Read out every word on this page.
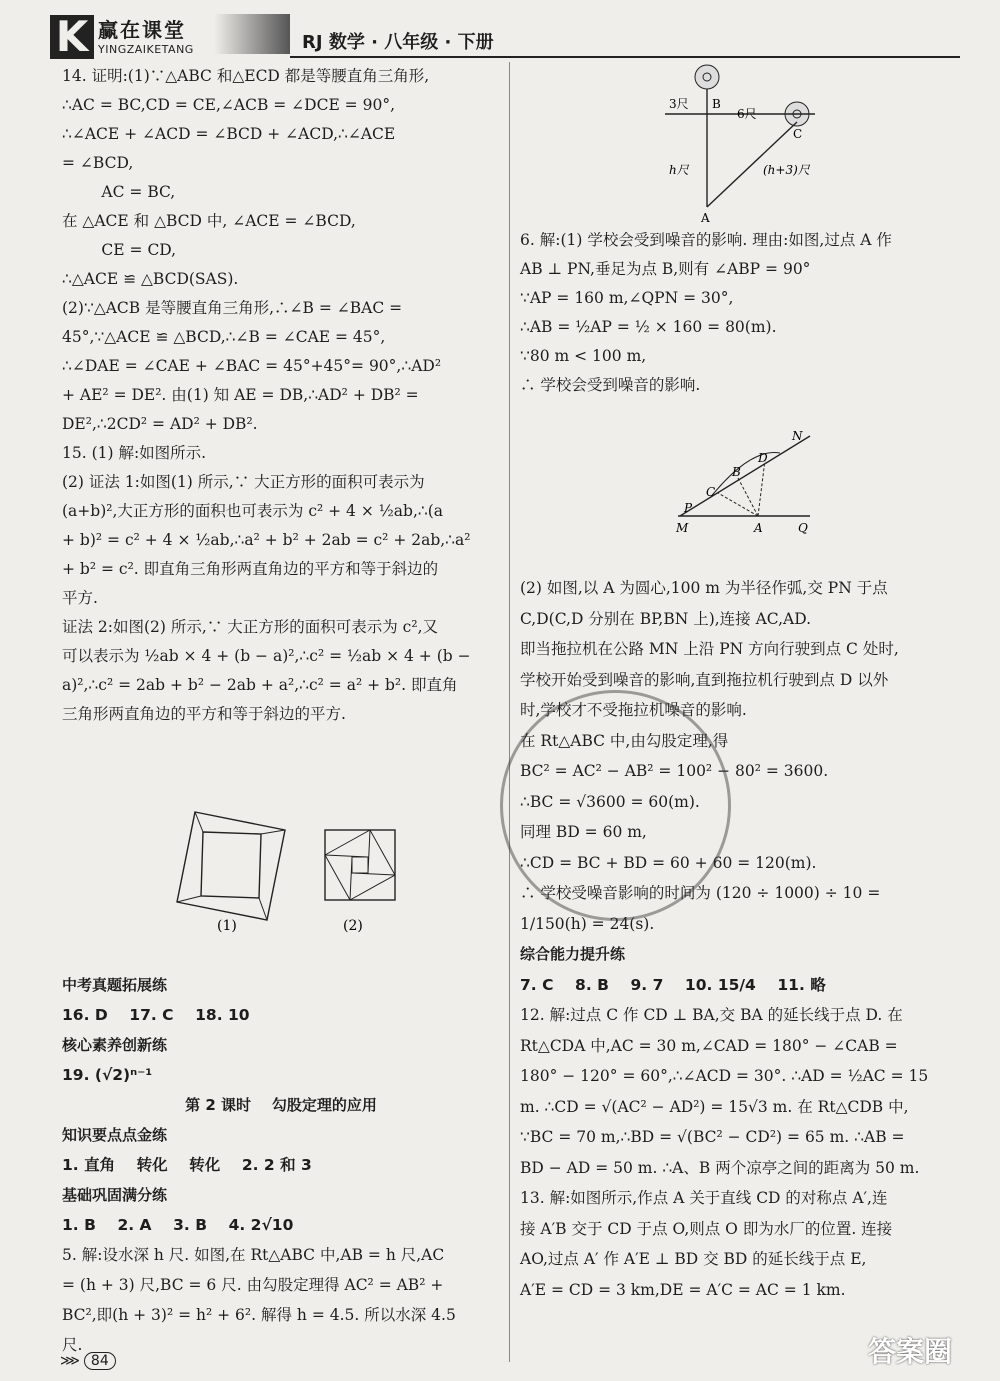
K 赢在课堂
YINGZAIKETANG	RJ 数学 · 八年级 · 下册

14. 证明:(1)∵△ABC 和△ECD 都是等腰直角三角形,

∴AC = BC,CD = CE,∠ACB = ∠DCE = 90°,

∴∠ACE + ∠ACD = ∠BCD + ∠ACD,∴∠ACE

= ∠BCD,

AC = BC,

在 △ACE 和 △BCD 中, ∠ACE = ∠BCD,

CE = CD,

∴△ACE ≌ △BCD(SAS).

(2)∵△ACB 是等腰直角三角形,∴∠B = ∠BAC =

45°,∵△ACE ≌ △BCD,∴∠B = ∠CAE = 45°,

∴∠DAE = ∠CAE + ∠BAC = 45°+45°= 90°,∴AD²

+ AE² = DE². 由(1) 知 AE = DB,∴AD² + DB² =

DE²,∴2CD² = AD² + DB².

15. (1) 解:如图所示.

(2) 证法 1:如图(1) 所示,∵ 大正方形的面积可表示为

(a+b)²,大正方形的面积也可表示为 c² + 4 × ½ab,∴(a

+ b)² = c² + 4 × ½ab,∴a² + b² + 2ab = c² + 2ab,∴a²

+ b² = c². 即直角三角形两直角边的平方和等于斜边的

平方.

证法 2:如图(2) 所示,∵ 大正方形的面积可表示为 c²,又

可以表示为 ½ab × 4 + (b − a)²,∴c² = ½ab × 4 + (b −

a)²,∴c² = 2ab + b² − 2ab + a²,∴c² = a² + b². 即直角

三角形两直角边的平方和等于斜边的平方.

(1)	(2)

中考真题拓展练

16. D    17. C    18. 10

核心素养创新练

19. (√2)ⁿ⁻¹

第 2 课时    勾股定理的应用

知识要点点金练

1. 直角    转化    转化    2. 2 和 3

基础巩固满分练

1. B    2. A    3. B    4. 2√10

5. 解:设水深 h 尺. 如图,在 Rt△ABC 中,AB = h 尺,AC

= (h + 3) 尺,BC = 6 尺. 由勾股定理得 AC² = AB² +

BC²,即(h + 3)² = h² + 6². 解得 h = 4.5. 所以水深 4.5

尺.

3尺 B
6尺
C
h尺	(h+3)尺
A

6. 解:(1) 学校会受到噪音的影响. 理由:如图,过点 A 作

AB ⊥ PN,垂足为点 B,则有 ∠ABP = 90°

∵AP = 160 m,∠QPN = 30°,

∴AB = ½AP = ½ × 160 = 80(m).

∵80 m < 100 m,

∴ 学校会受到噪音的影响.

N
D
B
C
P
M	A	Q

(2) 如图,以 A 为圆心,100 m 为半径作弧,交 PN 于点

C,D(C,D 分别在 BP,BN 上),连接 AC,AD.

即当拖拉机在公路 MN 上沿 PN 方向行驶到点 C 处时,

学校开始受到噪音的影响,直到拖拉机行驶到点 D 以外

时,学校才不受拖拉机噪音的影响.

在 Rt△ABC 中,由勾股定理,得

BC² = AC² − AB² = 100² − 80² = 3600.

∴BC = √3600 = 60(m).

同理 BD = 60 m,

∴CD = BC + BD = 60 + 60 = 120(m).

∴ 学校受噪音影响的时间为 (120 ÷ 1000) ÷ 10 =

1/150(h) = 24(s).

综合能力提升练

7. C    8. B    9. 7    10. 15/4    11. 略

12. 解:过点 C 作 CD ⊥ BA,交 BA 的延长线于点 D. 在

Rt△CDA 中,AC = 30 m,∠CAD = 180° − ∠CAB =

180° − 120° = 60°,∴∠ACD = 30°. ∴AD = ½AC = 15

m. ∴CD = √(AC² − AD²) = 15√3 m. 在 Rt△CDB 中,

∵BC = 70 m,∴BD = √(BC² − CD²) = 65 m. ∴AB =

BD − AD = 50 m. ∴A、B 两个凉亭之间的距离为 50 m.

13. 解:如图所示,作点 A 关于直线 CD 的对称点 A′,连

接 A′B 交于 CD 于点 O,则点 O 即为水厂的位置. 连接

AO,过点 A′ 作 A′E ⊥ BD 交 BD 的延长线于点 E,

A′E = CD = 3 km,DE = A′C = AC = 1 km.

⋙ 84	答案圈
